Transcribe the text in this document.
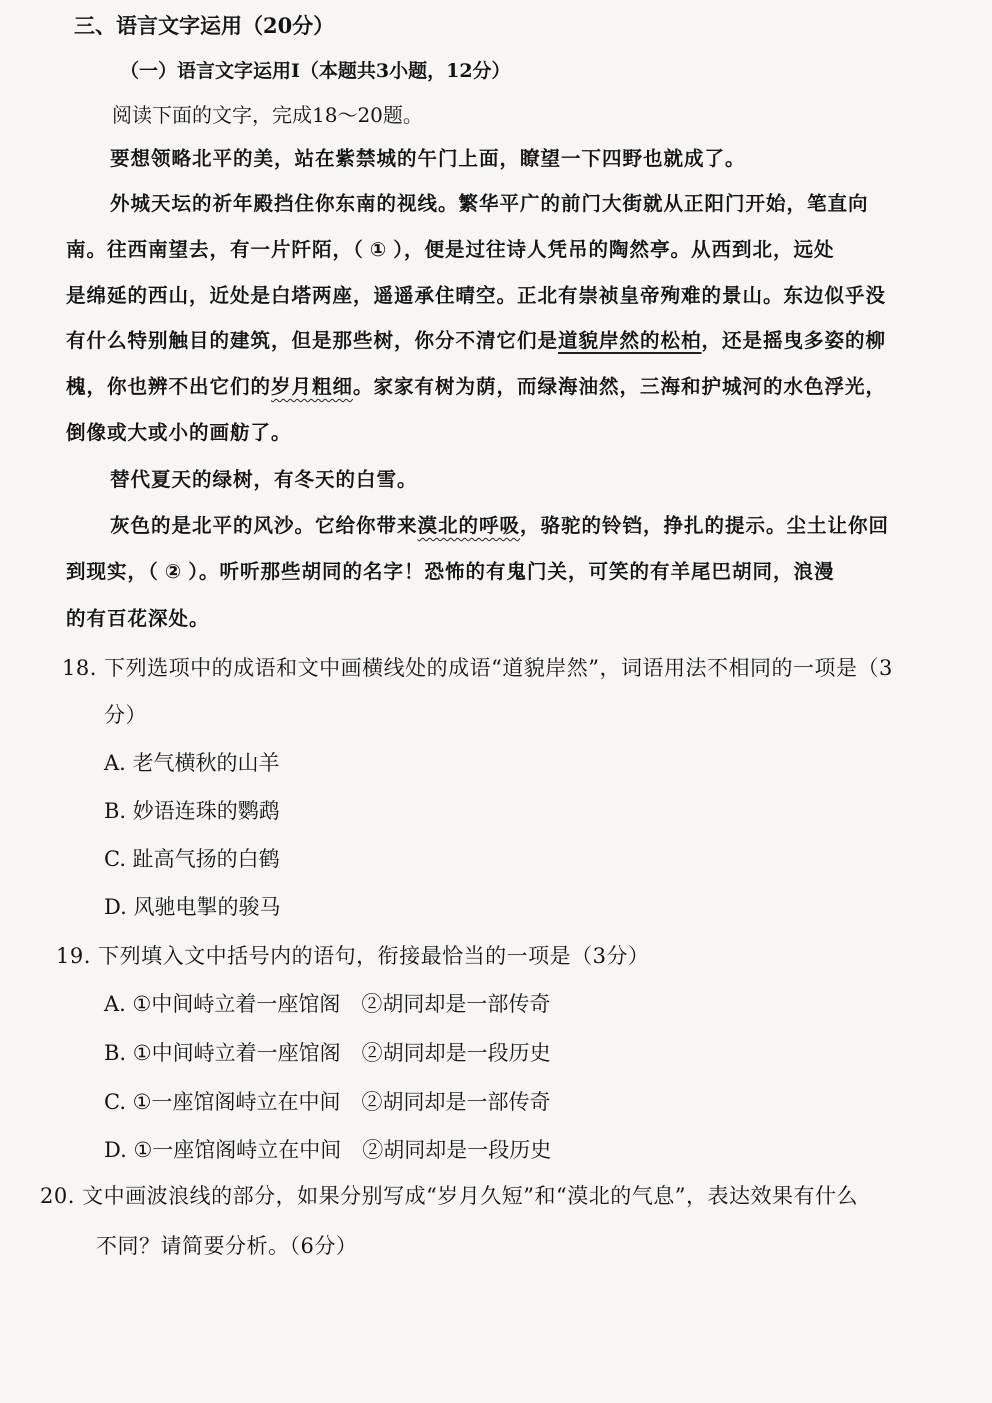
三、语言文字运用（20分）
（一）语言文字运用Ⅰ（本题共3小题，12分）
阅读下面的文字，完成18～20题。
要想领略北平的美，站在紫禁城的午门上面，瞭望一下四野也就成了。
外城天坛的祈年殿挡住你东南的视线。繁华平广的前门大街就从正阳门开始，笔直向
南。往西南望去，有一片阡陌，（ ① ），便是过往诗人凭吊的陶然亭。从西到北，远处
是绵延的西山，近处是白塔两座，遥遥承住晴空。正北有崇祯皇帝殉难的景山。东边似乎没
有什么特别触目的建筑，但是那些树，你分不清它们是道貌岸然的松柏，还是摇曳多姿的柳
槐，你也辨不出它们的岁月粗细。家家有树为荫，而绿海油然，三海和护城河的水色浮光，
倒像或大或小的画舫了。
替代夏天的绿树，有冬天的白雪。
灰色的是北平的风沙。它给你带来漠北的呼吸，骆驼的铃铛，挣扎的提示。尘土让你回
到现实，（ ② ）。听听那些胡同的名字！恐怖的有鬼门关，可笑的有羊尾巴胡同，浪漫
的有百花深处。
18. 下列选项中的成语和文中画横线处的成语“道貌岸然”，词语用法不相同的一项是（3
分）
A. 老气横秋的山羊
B. 妙语连珠的鹦鹉
C. 趾高气扬的白鹤
D. 风驰电掣的骏马
19. 下列填入文中括号内的语句，衔接最恰当的一项是（3分）
A. ①中间峙立着一座馆阁　②胡同却是一部传奇
B. ①中间峙立着一座馆阁　②胡同却是一段历史
C. ①一座馆阁峙立在中间　②胡同却是一部传奇
D. ①一座馆阁峙立在中间　②胡同却是一段历史
20. 文中画波浪线的部分，如果分别写成“岁月久短”和“漠北的气息”，表达效果有什么
不同？请简要分析。（6分）
